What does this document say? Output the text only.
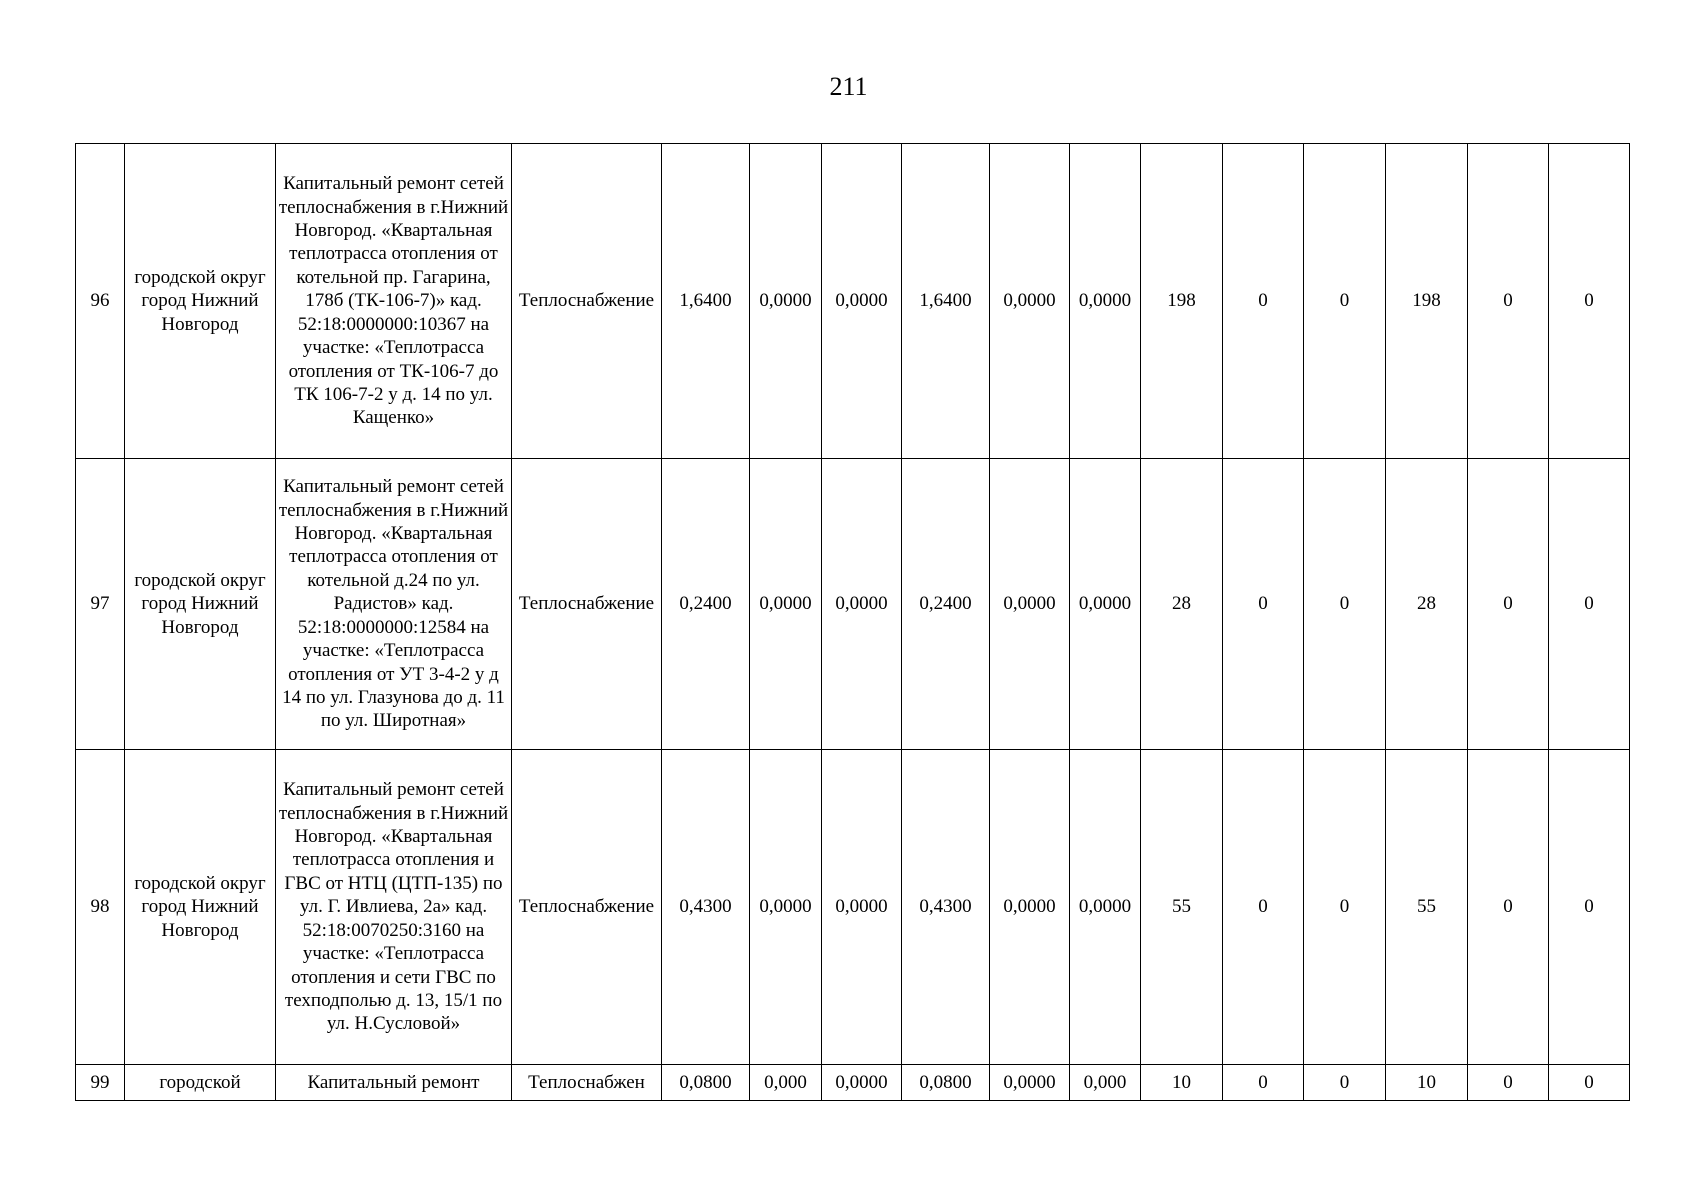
211
96	городской округ город Нижний Новгород	Капитальный ремонт сетей теплоснабжения в г.Нижний Новгород. «Квартальная теплотрасса отопления от котельной пр. Гагарина, 178б (ТК-106-7)» кад. 52:18:0000000:10367 на участке: «Теплотрасса отопления от ТК-106-7 до ТК 106-7-2 у д. 14 по ул. Кащенко»	Теплоснабжение	1,6400	0,0000	0,0000	1,6400	0,0000	0,0000	198	0	0	198	0	0
97	городской округ город Нижний Новгород	Капитальный ремонт сетей теплоснабжения в г.Нижний Новгород. «Квартальная теплотрасса отопления от котельной д.24 по ул. Радистов» кад. 52:18:0000000:12584 на участке: «Теплотрасса отопления от УТ 3-4-2 у д 14 по ул. Глазунова до д. 11 по ул. Широтная»	Теплоснабжение	0,2400	0,0000	0,0000	0,2400	0,0000	0,0000	28	0	0	28	0	0
98	городской округ город Нижний Новгород	Капитальный ремонт сетей теплоснабжения в г.Нижний Новгород. «Квартальная теплотрасса отопления и ГВС от НТЦ (ЦТП-135) по ул. Г. Ивлиева, 2а» кад. 52:18:0070250:3160 на участке: «Теплотрасса отопления и сети ГВС по техподполью д. 13, 15/1 по ул. Н.Сусловой»	Теплоснабжение	0,4300	0,0000	0,0000	0,4300	0,0000	0,0000	55	0	0	55	0	0
99	городской	Капитальный ремонт	Теплоснабжен	0,0800	0,000	0,0000	0,0800	0,0000	0,000	10	0	0	10	0	0
